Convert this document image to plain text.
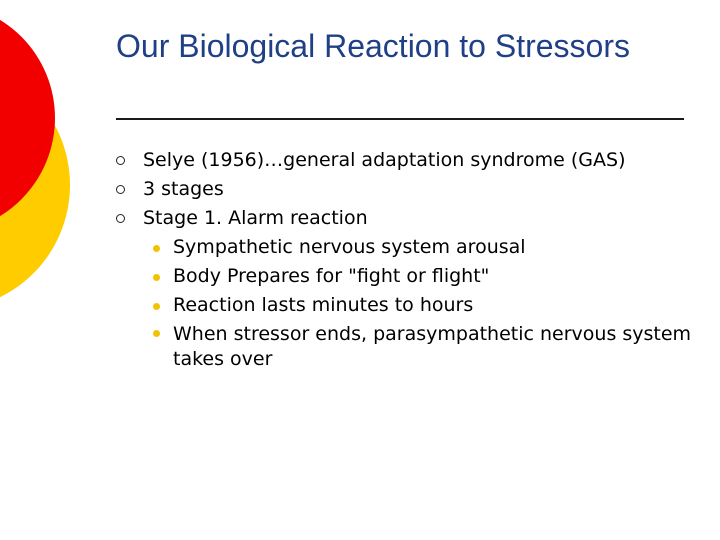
Our Biological Reaction to Stressors
Selye (1956)…general adaptation syndrome (GAS)
3 stages
Stage 1. Alarm reaction
Sympathetic nervous system arousal
Body Prepares for "fight or flight"
Reaction lasts minutes to hours
When stressor ends, parasympathetic nervous system takes over
